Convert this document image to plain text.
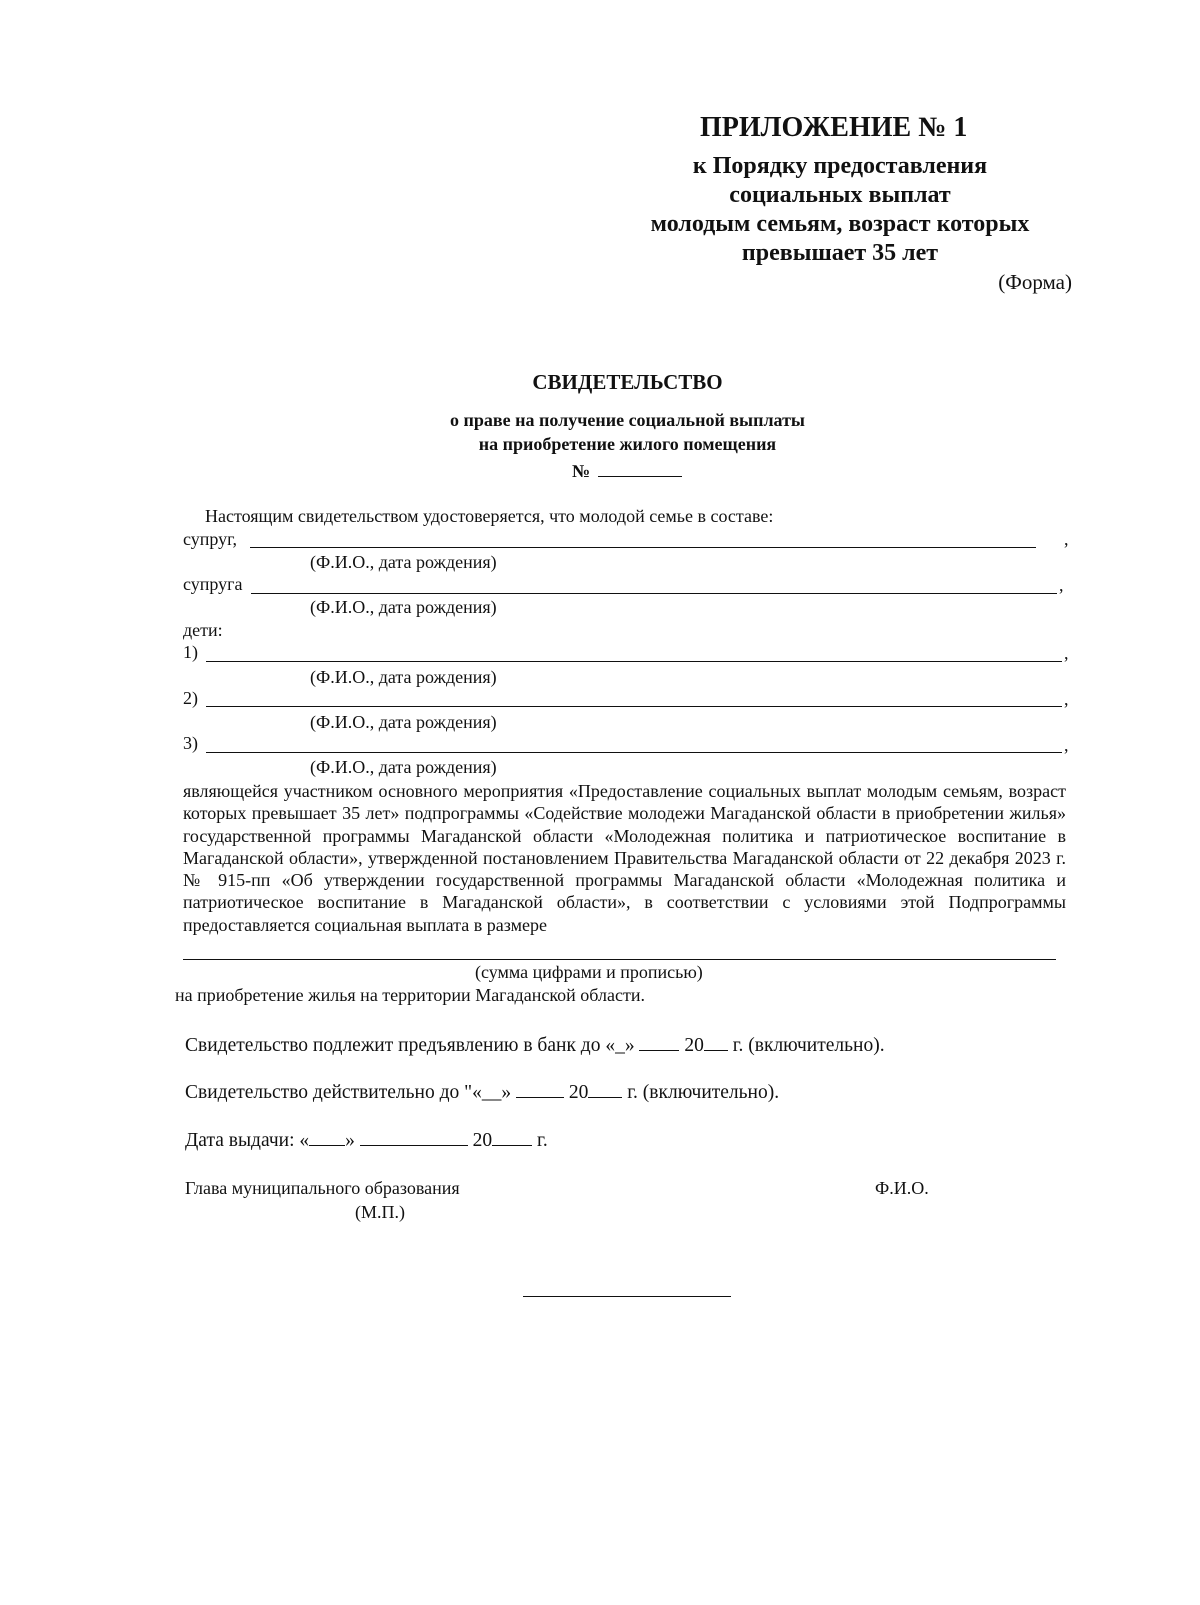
ПРИЛОЖЕНИЕ № 1
к Порядку предоставления
социальных выплат
молодым семьям, возраст которых
превышает 35 лет
(Форма)
СВИДЕТЕЛЬСТВО
о праве на получение социальной выплаты
на приобретение жилого помещения
№
Настоящим свидетельством удостоверяется, что молодой семье в составе:
супруг,	,
(Ф.И.О., дата рождения)
супруга	,
(Ф.И.О., дата рождения)
дети:
1)	,
(Ф.И.О., дата рождения)
2)	,
(Ф.И.О., дата рождения)
3)	,
(Ф.И.О., дата рождения)
являющейся участником основного мероприятия «Предоставление социальных выплат молодым семьям, возраст которых превышает 35 лет» подпрограммы «Содействие молодежи Магаданской области в приобретении жилья» государственной программы Магаданской области «Молодежная политика и патриотическое воспитание в Магаданской области», утвержденной постановлением Правительства Магаданской области от 22 декабря 2023 г. № 915-пп «Об утверждении государственной программы Магаданской области «Молодежная политика и патриотическое воспитание в Магаданской области», в соответствии с условиями этой Подпрограммы предоставляется социальная выплата в размере
(сумма цифрами и прописью)
на приобретение жилья на территории Магаданской области.
Свидетельство подлежит предъявлению в банк до «_»	20 г. (включительно).
Свидетельство действительно до "«__»	20 г. (включительно).
Дата выдачи: « »	20 г.
Глава муниципального образования
(М.П.)
Ф.И.О.
